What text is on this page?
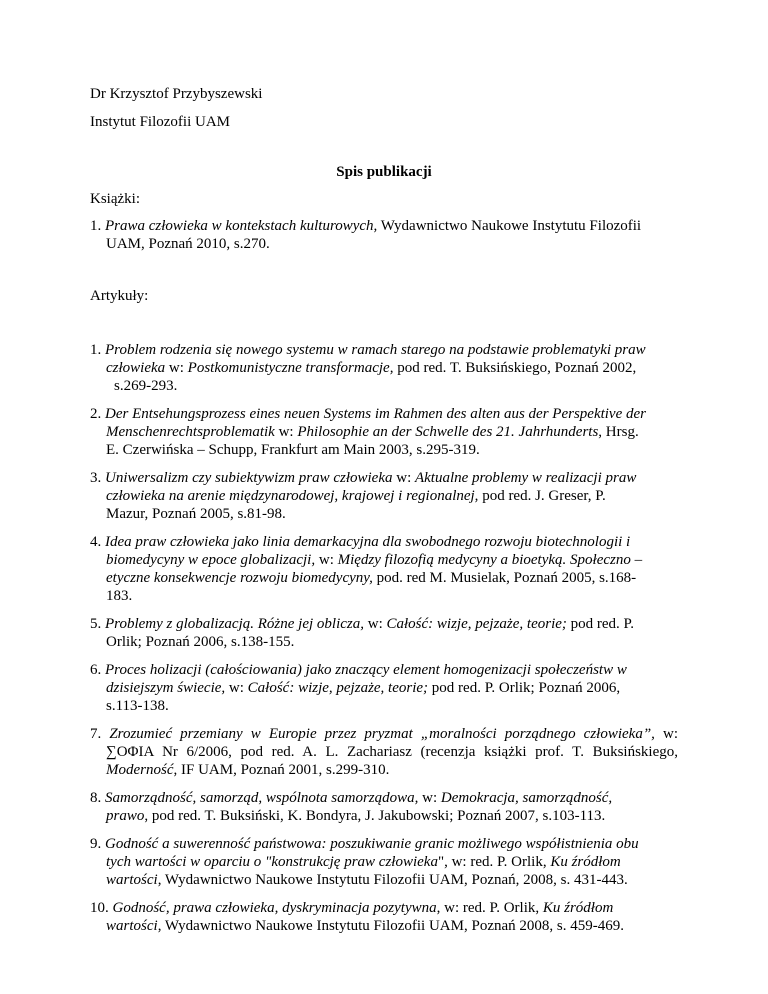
Dr Krzysztof Przybyszewski
Instytut Filozofii UAM
Spis publikacji
Książki:
1. Prawa człowieka w kontekstach kulturowych, Wydawnictwo Naukowe Instytutu Filozofii
UAM, Poznań 2010, s.270.
Artykuły:
1. Problem rodzenia się nowego systemu w ramach starego na podstawie problematyki praw
człowieka w: Postkomunistyczne transformacje, pod red. T. Buksińskiego, Poznań 2002,
s.269-293.
2. Der Entsehungsprozess eines neuen Systems im Rahmen des alten aus der Perspektive der
Menschenrechtsproblematik w: Philosophie an der Schwelle des 21. Jahrhunderts, Hrsg.
E. Czerwińska – Schupp, Frankfurt am Main 2003, s.295-319.
3. Uniwersalizm czy subiektywizm praw człowieka w: Aktualne problemy w realizacji praw
człowieka na arenie międzynarodowej, krajowej i regionalnej, pod red. J. Greser, P.
Mazur, Poznań 2005, s.81-98.
4. Idea praw człowieka jako linia demarkacyjna dla swobodnego rozwoju biotechnologii i
biomedycyny w epoce globalizacji, w: Między filozofią medycyny a bioetyką. Społeczno –
etyczne konsekwencje rozwoju biomedycyny, pod. red M. Musielak, Poznań 2005, s.168-
183.
5. Problemy z globalizacją. Różne jej oblicza, w: Całość: wizje, pejzaże, teorie; pod red. P.
Orlik; Poznań 2006, s.138-155.
6. Proces holizacji (całościowania) jako znaczący element homogenizacji społeczeństw w
dzisiejszym świecie, w: Całość: wizje, pejzaże, teorie; pod red. P. Orlik; Poznań 2006,
s.113-138.
7. Zrozumieć przemiany w Europie przez pryzmat „moralności porządnego człowieka”, w:
∑ΟΦΙΑ Nr 6/2006, pod red. A. L. Zachariasz (recenzja książki prof. T. Buksińskiego,
Moderność, IF UAM, Poznań 2001, s.299-310.
8. Samorządność, samorząd, wspólnota samorządowa, w: Demokracja, samorządność,
prawo, pod red. T. Buksiński, K. Bondyra, J. Jakubowski; Poznań 2007, s.103-113.
9. Godność a suwerenność państwowa: poszukiwanie granic możliwego współistnienia obu
tych wartości w oparciu o "konstrukcję praw człowieka", w: red. P. Orlik, Ku źródłom
wartości, Wydawnictwo Naukowe Instytutu Filozofii UAM, Poznań, 2008, s. 431-443.
10. Godność, prawa człowieka, dyskryminacja pozytywna, w: red. P. Orlik, Ku źródłom
wartości, Wydawnictwo Naukowe Instytutu Filozofii UAM, Poznań 2008, s. 459-469.
